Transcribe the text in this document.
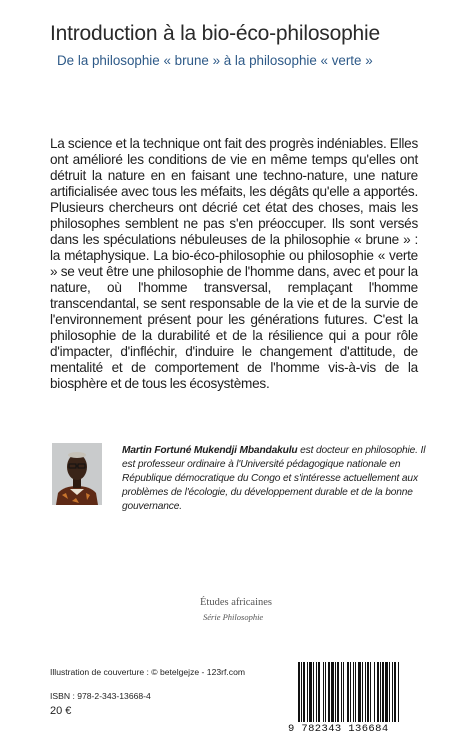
Introduction à la bio-éco-philosophie
De la philosophie « brune » à la philosophie « verte »

La science et la technique ont fait des progrès indéniables. Elles ont amélioré les conditions de vie en même temps qu'elles ont détruit la nature en en faisant une techno-nature, une nature artificialisée avec tous les méfaits, les dégâts qu'elle a apportés. Plusieurs chercheurs ont décrié cet état des choses, mais les philosophes semblent ne pas s'en préoccuper. Ils sont versés dans les spéculations nébuleuses de la philosophie « brune » : la métaphysique. La bio-éco-philosophie ou philosophie « verte » se veut être une philosophie de l'homme dans, avec et pour la nature, où l'homme transversal, remplaçant l'homme transcendantal, se sent responsable de la vie et de la survie de l'environnement présent pour les générations futures. C'est la philosophie de la durabilité et de la résilience qui a pour rôle d'impacter, d'infléchir, d'induire le changement d'attitude, de mentalité et de comportement de l'homme vis-à-vis de la biosphère et de tous les écosystèmes.

Martin Fortuné Mukendji Mbandakulu est docteur en philosophie. Il est professeur ordinaire à l'Université pédagogique nationale en République démocratique du Congo et s'intéresse actuellement aux problèmes de l'écologie, du développement durable et de la bonne gouvernance.

Études africaines
Série Philosophie
Illustration de couverture : © betelgejze - 123rf.com
ISBN : 978-2-343-13668-4
20 €
9 782343 136684
